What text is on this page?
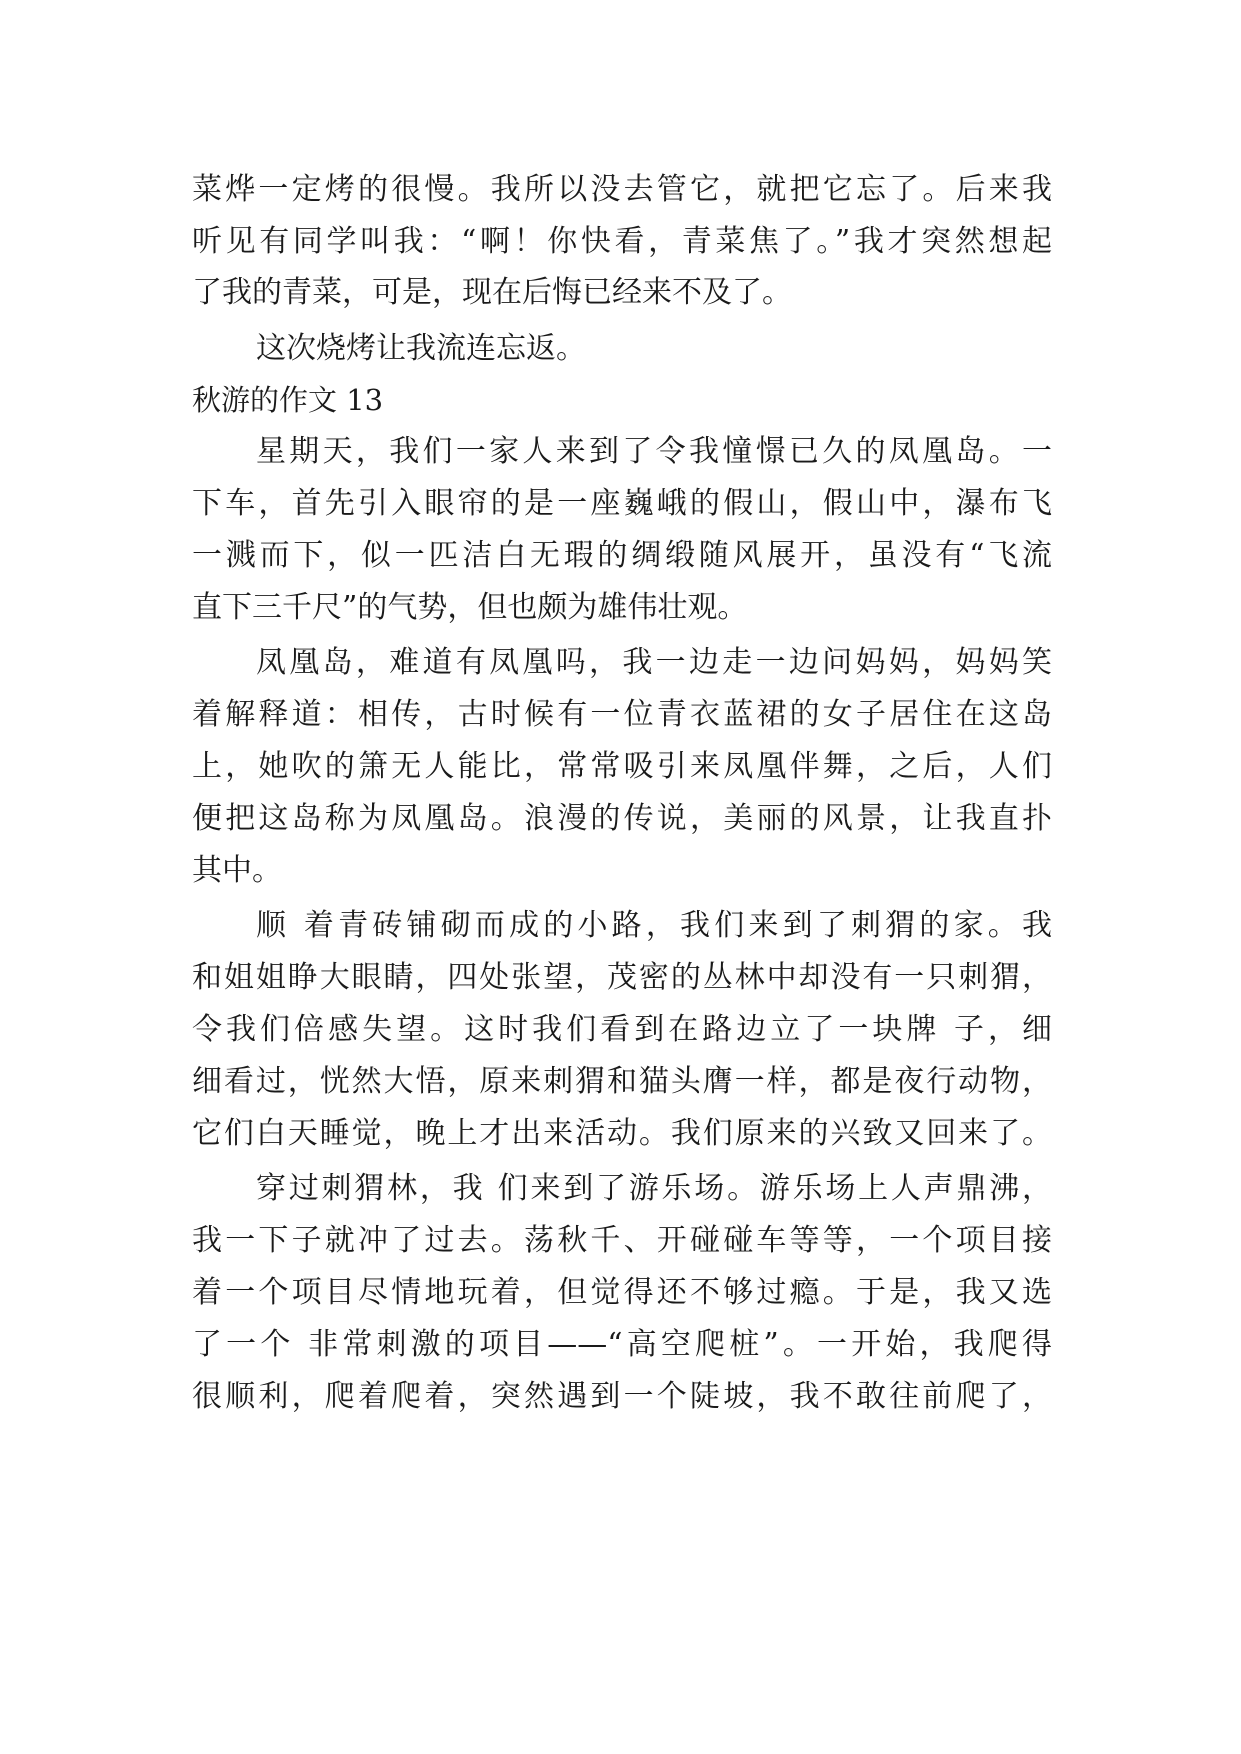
菜烨一定烤的很慢。我所以没去管它，就把它忘了。后来我
听见有同学叫我：“啊！你快看，青菜焦了。”我才突然想起
了我的青菜，可是，现在后悔已经来不及了。
这次烧烤让我流连忘返。
秋游的作文 13
星期天，我们一家人来到了令我憧憬已久的凤凰岛。一
下车，首先引入眼帘的是一座巍峨的假山，假山中，瀑布飞
一溅而下，似一匹洁白无瑕的绸缎随风展开，虽没有“飞流
直下三千尺”的气势，但也颇为雄伟壮观。
凤凰岛，难道有凤凰吗，我一边走一边问妈妈，妈妈笑
着解释道：相传，古时候有一位青衣蓝裙的女子居住在这岛
上，她吹的箫无人能比，常常吸引来凤凰伴舞，之后，人们
便把这岛称为凤凰岛。浪漫的传说，美丽的风景，让我直扑
其中。
顺 着青砖铺砌而成的小路，我们来到了刺猬的家。我
和姐姐睁大眼睛，四处张望，茂密的丛林中却没有一只刺猬，
令我们倍感失望。这时我们看到在路边立了一块牌 子，细
细看过，恍然大悟，原来刺猬和猫头膺一样，都是夜行动物，
它们白天睡觉，晚上才出来活动。我们原来的兴致又回来了。
穿过刺猬林，我 们来到了游乐场。游乐场上人声鼎沸，
我一下子就冲了过去。荡秋千、开碰碰车等等，一个项目接
着一个项目尽情地玩着，但觉得还不够过瘾。于是，我又选
了一个 非常刺激的项目——“高空爬桩”。一开始，我爬得
很顺利，爬着爬着，突然遇到一个陡坡，我不敢往前爬了，
